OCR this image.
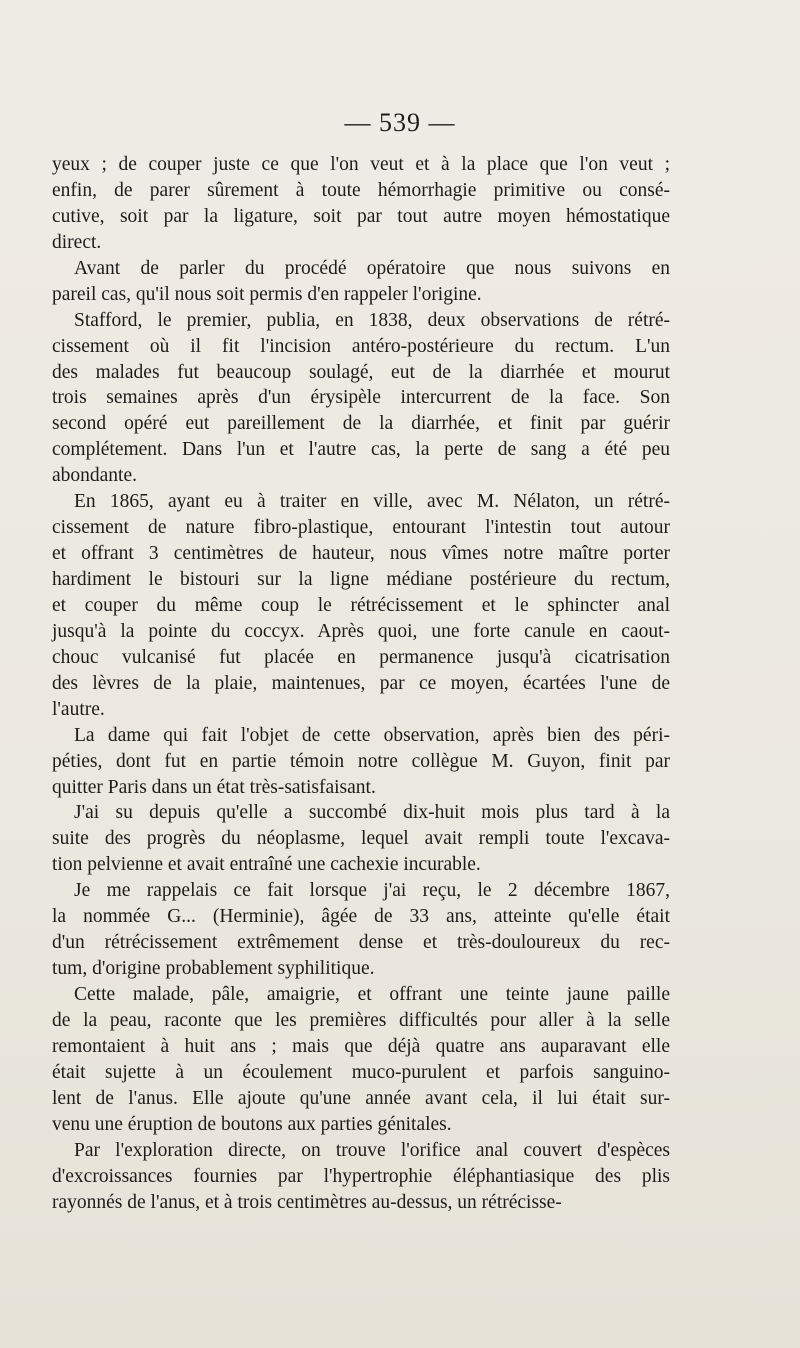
— 539 —
yeux ; de couper juste ce que l'on veut et à la place que l'on veut ;
enfin, de parer sûrement à toute hémorrhagie primitive ou consé-
cutive, soit par la ligature, soit par tout autre moyen hémostatique
direct.
Avant de parler du procédé opératoire que nous suivons en
pareil cas, qu'il nous soit permis d'en rappeler l'origine.
Stafford, le premier, publia, en 1838, deux observations de rétré-
cissement où il fit l'incision antéro-postérieure du rectum. L'un
des malades fut beaucoup soulagé, eut de la diarrhée et mourut
trois semaines après d'un érysipèle intercurrent de la face. Son
second opéré eut pareillement de la diarrhée, et finit par guérir
complétement. Dans l'un et l'autre cas, la perte de sang a été peu
abondante.
En 1865, ayant eu à traiter en ville, avec M. Nélaton, un rétré-
cissement de nature fibro-plastique, entourant l'intestin tout autour
et offrant 3 centimètres de hauteur, nous vîmes notre maître porter
hardiment le bistouri sur la ligne médiane postérieure du rectum,
et couper du même coup le rétrécissement et le sphincter anal
jusqu'à la pointe du coccyx. Après quoi, une forte canule en caout-
chouc vulcanisé fut placée en permanence jusqu'à cicatrisation
des lèvres de la plaie, maintenues, par ce moyen, écartées l'une de
l'autre.
La dame qui fait l'objet de cette observation, après bien des péri-
péties, dont fut en partie témoin notre collègue M. Guyon, finit par
quitter Paris dans un état très-satisfaisant.
J'ai su depuis qu'elle a succombé dix-huit mois plus tard à la
suite des progrès du néoplasme, lequel avait rempli toute l'excava-
tion pelvienne et avait entraîné une cachexie incurable.
Je me rappelais ce fait lorsque j'ai reçu, le 2 décembre 1867,
la nommée G... (Herminie), âgée de 33 ans, atteinte qu'elle était
d'un rétrécissement extrêmement dense et très-douloureux du rec-
tum, d'origine probablement syphilitique.
Cette malade, pâle, amaigrie, et offrant une teinte jaune paille
de la peau, raconte que les premières difficultés pour aller à la selle
remontaient à huit ans ; mais que déjà quatre ans auparavant elle
était sujette à un écoulement muco-purulent et parfois sanguino-
lent de l'anus. Elle ajoute qu'une année avant cela, il lui était sur-
venu une éruption de boutons aux parties génitales.
Par l'exploration directe, on trouve l'orifice anal couvert d'espèces
d'excroissances fournies par l'hypertrophie éléphantiasique des plis
rayonnés de l'anus, et à trois centimètres au-dessus, un rétrécisse-
